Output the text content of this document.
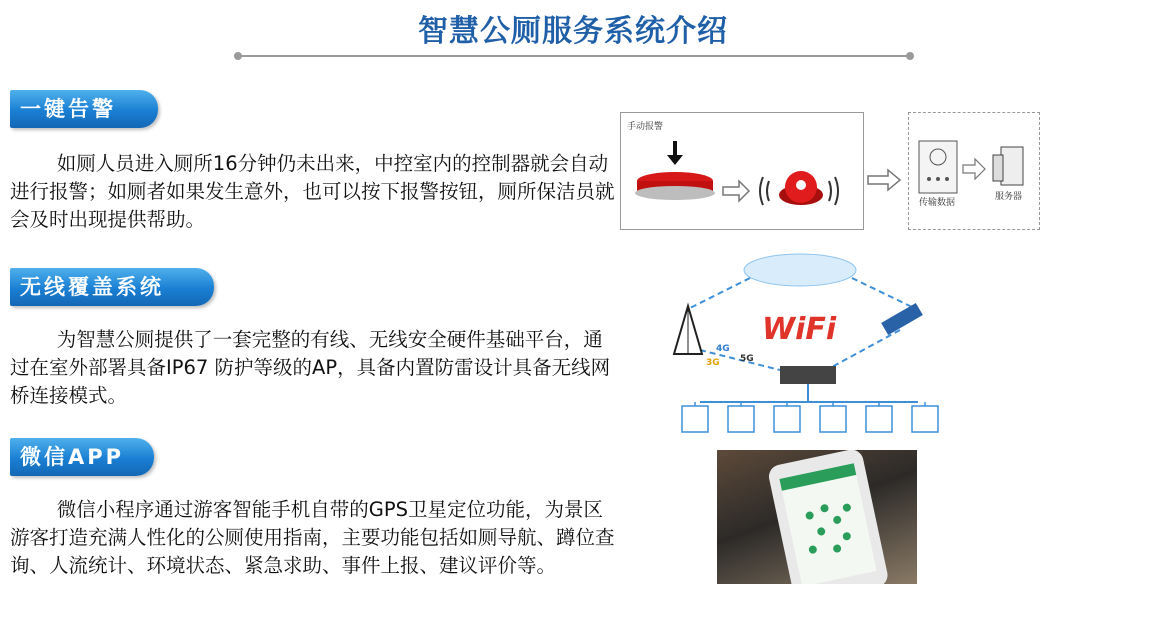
智慧公厕服务系统介绍
一键告警
如厕人员进入厕所16分钟仍未出来，中控室内的控制器就会自动进行报警；如厕者如果发生意外，也可以按下报警按钮，厕所保洁员就会及时出现提供帮助。
无线覆盖系统
为智慧公厕提供了一套完整的有线、无线安全硬件基础平台，通过在室外部署具备IP67 防护等级的AP，具备内置防雷设计具备无线网桥连接模式。
微信APP
微信小程序通过游客智能手机自带的GPS卫星定位功能，为景区游客打造充满人性化的公厕使用指南，主要功能包括如厕导航、蹲位查询、人流统计、环境状态、紧急求助、事件上报、建议评价等。
手动报警
传输数据
服务器
WiFi
3G
4G
5G
